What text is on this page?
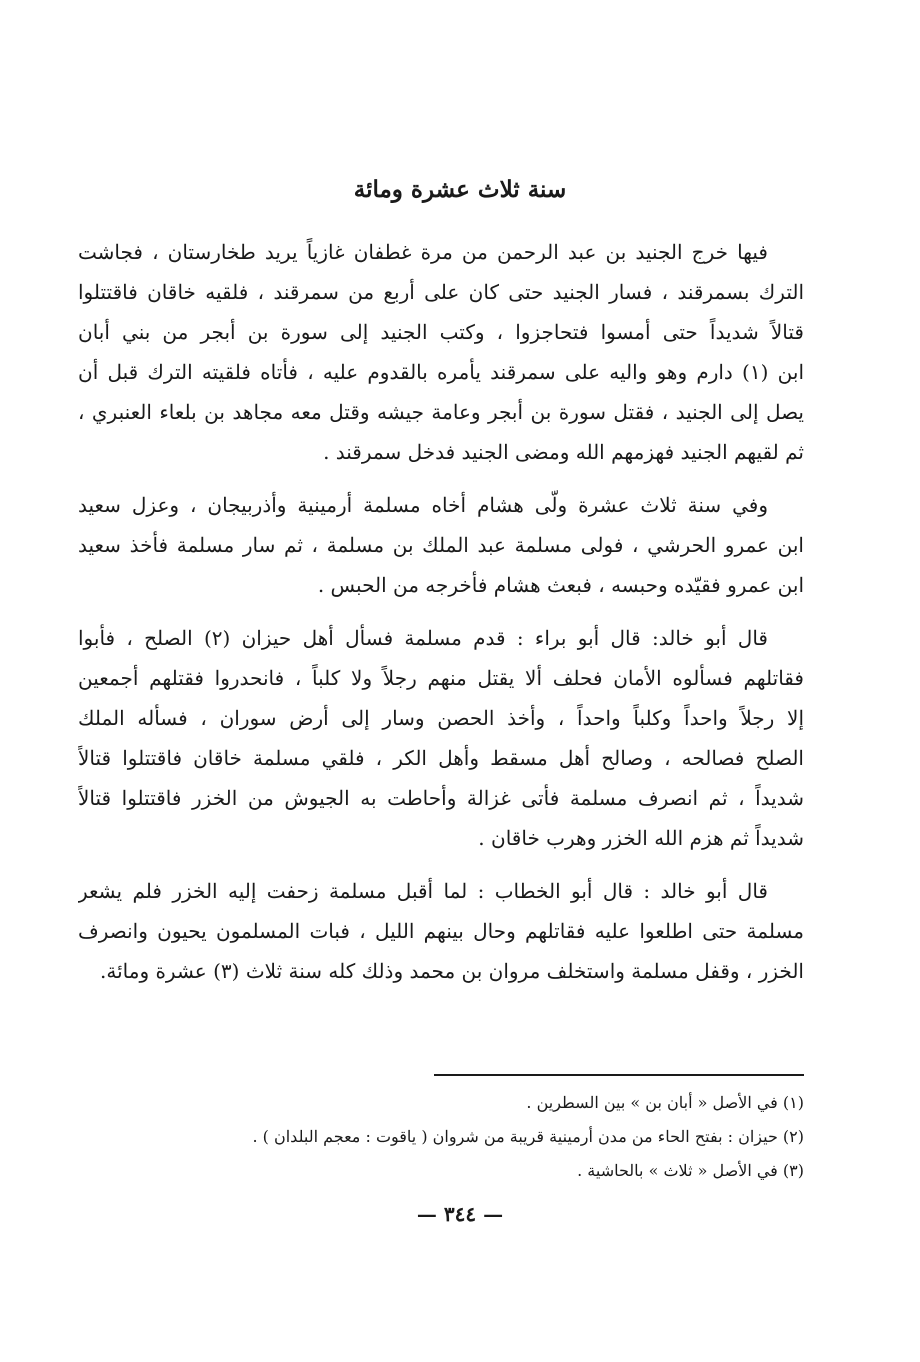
سنة ثلاث عشرة ومائة

فيها خرج الجنيد بن عبد الرحمن من مرة غطفان غازياً يريد طخارستان ، فجاشت
الترك بسمرقند ، فسار الجنيد حتى كان على أربع من سمرقند ، فلقيه خاقان فاقتتلوا
قتالاً شديداً حتى أمسوا فتحاجزوا ، وكتب الجنيد إلى سورة بن أبجر من بني أبان
ابن (١) دارم وهو واليه على سمرقند يأمره بالقدوم عليه ، فأتاه فلقيته الترك قبل أن
يصل إلى الجنيد ، فقتل سورة بن أبجر وعامة جيشه وقتل معه مجاهد بن بلعاء العنبري ،
ثم لقيهم الجنيد فهزمهم الله ومضى الجنيد فدخل سمرقند .

وفي سنة ثلاث عشرة ولّى هشام أخاه مسلمة أرمينية وأذربيجان ، وعزل سعيد
ابن عمرو الحرشي ، فولى مسلمة عبد الملك بن مسلمة ، ثم سار مسلمة فأخذ سعيد
ابن عمرو فقيّده وحبسه ، فبعث هشام فأخرجه من الحبس .

قال أبو خالد: قال أبو براء : قدم مسلمة فسأل أهل حيزان (٢) الصلح ، فأبوا
فقاتلهم فسألوه الأمان فحلف ألا يقتل منهم رجلاً ولا كلباً ، فانحدروا فقتلهم أجمعين
إلا رجلاً واحداً وكلباً واحداً ، وأخذ الحصن وسار إلى أرض سوران ، فسأله الملك
الصلح فصالحه ، وصالح أهل مسقط وأهل الكر ، فلقي مسلمة خاقان فاقتتلوا قتالاً
شديداً ، ثم انصرف مسلمة فأتى غزالة وأحاطت به الجيوش من الخزر فاقتتلوا قتالاً
شديداً ثم هزم الله الخزر وهرب خاقان .

قال أبو خالد : قال أبو الخطاب : لما أقبل مسلمة زحفت إليه الخزر فلم يشعر
مسلمة حتى اطلعوا عليه فقاتلهم وحال بينهم الليل ، فبات المسلمون يحيون وانصرف
الخزر ، وقفل مسلمة واستخلف مروان بن محمد وذلك كله سنة ثلاث (٣) عشرة ومائة.

(١) في الأصل « أبان بن » بين السطرين .
(٢) حيزان : بفتح الحاء من مدن أرمينية قريبة من شروان ( ياقوت : معجم البلدان ) .
(٣) في الأصل « ثلاث » بالحاشية .
— ٣٤٤ —
